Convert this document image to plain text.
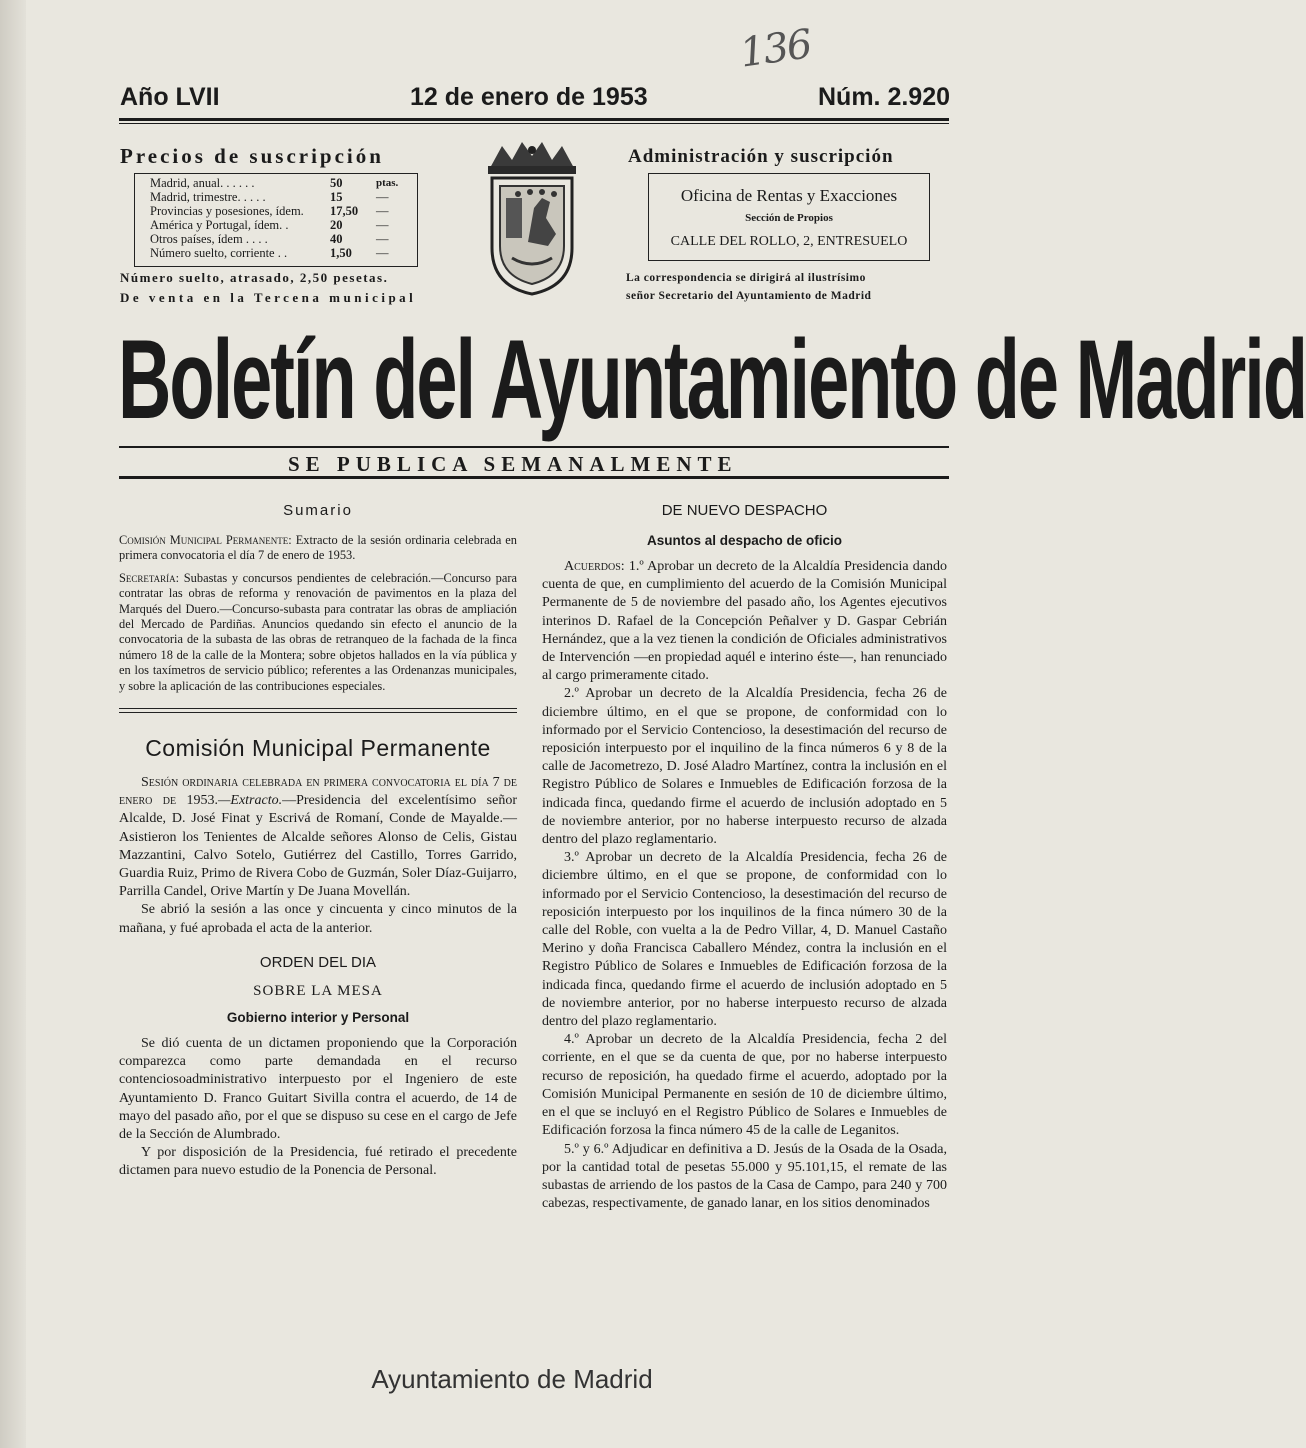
136
Año LVII	12 de enero de 1953	Núm. 2.920
Precios de suscripción
Madrid, anual. . . . . .	50	ptas.
Madrid, trimestre. . . . .	15	—
Provincias y posesiones, ídem.	17,50	—
América y Portugal, ídem. .	20	—
Otros países, ídem . . . .	40	—
Número suelto, corriente . .	1,50	—
Número suelto, atrasado, 2,50 pesetas.
De venta en la Tercena municipal
Administración y suscripción
Oficina de Rentas y Exacciones
Sección de Propios
CALLE DEL ROLLO, 2, ENTRESUELO
La correspondencia se dirigirá al ilustrísimo
señor Secretario del Ayuntamiento de Madrid
Boletín del Ayuntamiento de Madrid
SE PUBLICA SEMANALMENTE
Sumario

Comisión Municipal Permanente: Extracto de la sesión ordinaria celebrada en primera convocatoria el día 7 de enero de 1953.

Secretaría: Subastas y concursos pendientes de celebración.—Concurso para contratar las obras de reforma y renovación de pavimentos en la plaza del Marqués del Duero.—Concurso-subasta para contratar las obras de ampliación del Mercado de Pardiñas. Anuncios quedando sin efecto el anuncio de la convocatoria de la subasta de las obras de retranqueo de la fachada de la finca número 18 de la calle de la Montera; sobre objetos hallados en la vía pública y en los taxímetros de servicio público; referentes a las Ordenanzas municipales, y sobre la aplicación de las contribuciones especiales.

Comisión Municipal Permanente

Sesión ordinaria celebrada en primera convocatoria el día 7 de enero de 1953.—Extracto.—Presidencia del excelentísimo señor Alcalde, D. José Finat y Escrivá de Romaní, Conde de Mayalde.—Asistieron los Tenientes de Alcalde señores Alonso de Celis, Gistau Mazzantini, Calvo Sotelo, Gutiérrez del Castillo, Torres Garrido, Guardia Ruiz, Primo de Rivera Cobo de Guzmán, Soler Díaz-Guijarro, Parrilla Candel, Orive Martín y De Juana Movellán.

Se abrió la sesión a las once y cincuenta y cinco minutos de la mañana, y fué aprobada el acta de la anterior.

ORDEN DEL DIA
SOBRE LA MESA
Gobierno interior y Personal

Se dió cuenta de un dictamen proponiendo que la Corporación comparezca como parte demandada en el recurso contenciosoadministrativo interpuesto por el Ingeniero de este Ayuntamiento D. Franco Guitart Sivilla contra el acuerdo, de 14 de mayo del pasado año, por el que se dispuso su cese en el cargo de Jefe de la Sección de Alumbrado.

Y por disposición de la Presidencia, fué retirado el precedente dictamen para nuevo estudio de la Ponencia de Personal.

DE NUEVO DESPACHO
Asuntos al despacho de oficio

Acuerdos: 1.º Aprobar un decreto de la Alcaldía Presidencia dando cuenta de que, en cumplimiento del acuerdo de la Comisión Municipal Permanente de 5 de noviembre del pasado año, los Agentes ejecutivos interinos D. Rafael de la Concepción Peñalver y D. Gaspar Cebrián Hernández, que a la vez tienen la condición de Oficiales administrativos de Intervención —en propiedad aquél e interino éste—, han renunciado al cargo primeramente citado.

2.º Aprobar un decreto de la Alcaldía Presidencia, fecha 26 de diciembre último, en el que se propone, de conformidad con lo informado por el Servicio Contencioso, la desestimación del recurso de reposición interpuesto por el inquilino de la finca números 6 y 8 de la calle de Jacometrezo, D. José Aladro Martínez, contra la inclusión en el Registro Público de Solares e Inmuebles de Edificación forzosa de la indicada finca, quedando firme el acuerdo de inclusión adoptado en 5 de noviembre anterior, por no haberse interpuesto recurso de alzada dentro del plazo reglamentario.

3.º Aprobar un decreto de la Alcaldía Presidencia, fecha 26 de diciembre último, en el que se propone, de conformidad con lo informado por el Servicio Contencioso, la desestimación del recurso de reposición interpuesto por los inquilinos de la finca número 30 de la calle del Roble, con vuelta a la de Pedro Villar, 4, D. Manuel Castaño Merino y doña Francisca Caballero Méndez, contra la inclusión en el Registro Público de Solares e Inmuebles de Edificación forzosa de la indicada finca, quedando firme el acuerdo de inclusión adoptado en 5 de noviembre anterior, por no haberse interpuesto recurso de alzada dentro del plazo reglamentario.

4.º Aprobar un decreto de la Alcaldía Presidencia, fecha 2 del corriente, en el que se da cuenta de que, por no haberse interpuesto recurso de reposición, ha quedado firme el acuerdo, adoptado por la Comisión Municipal Permanente en sesión de 10 de diciembre último, en el que se incluyó en el Registro Público de Solares e Inmuebles de Edificación forzosa la finca número 45 de la calle de Leganitos.

5.º y 6.º Adjudicar en definitiva a D. Jesús de la Osada de la Osada, por la cantidad total de pesetas 55.000 y 95.101,15, el remate de las subastas de arriendo de los pastos de la Casa de Campo, para 240 y 700 cabezas, respectivamente, de ganado lanar, en los sitios denominados

Ayuntamiento de Madrid
